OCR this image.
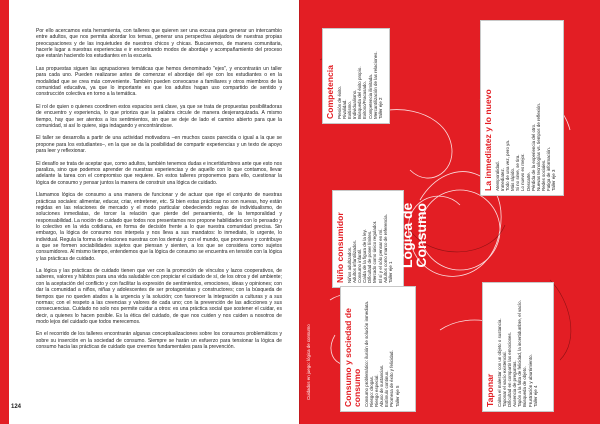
Por ello acercamos esta herramienta, con talleres que quieren ser una excusa para generar un intercambio entre adultos, que nos permita abordar los temas, generar una perspectiva alejadora de nuestras propias preocupaciones y de las inquietudes de nuestros chicos y chicas. Buscaremos, de manera comunitaria, hacerle lugar a nuestras experiencias e ir encontrando modos de abordaje y acompañamiento del proceso que estarán haciendo los estudiantes en la escuela.

Las propuestas siguen las agrupaciones temáticas que hemos denominado "ejes", y encontrarán un taller para cada uno. Pueden realizarse antes de comenzar el abordaje del eje con los estudiantes o en la modalidad que se crea más conveniente. También pueden convocarse a familiares y otros miembros de la comunidad educativa, ya que lo importante es que los adultos hagan uso compartido de sentido y construcción colectiva en torno a la temática.

El rol de quien o quienes coordinen estos espacios será clave, ya que se trata de propuestas posibilitadoras de encuentro y experiencia, lo que prioriza que la palabra circule de manera desjerarquizada. A mismo tiempo, hay que ser atentos a los sentimientos, sin que se deje de lado el camino abierto para que la comunidad, si así lo quiere, siga indagando y encontrándose.

El taller se desarrolla a partir de una actividad motivadora –en muchos casos parecida o igual a la que se propone para los estudiantes–, en la que se da la posibilidad de compartir experiencias y un texto de apoyo para leer y reflexionar.

El desafío se trata de aceptar que, como adultos, también tenemos dudas e incertidumbres ante que esto nos paraliza, sino que podemos aprender de nuestras experiencias y de aquello con lo que contamos, llevar adelante la tarea con el compromiso que requiere. En estos talleres proponemos para ello, cuestionar la lógica de consumo y pensar juntos la manera de construir una lógica de cuidado.

Llamamos lógica de consumo a una manera de funcionar y de actuar que rige el conjunto de nuestras prácticas sociales: alimentar, educar, criar, entretener, etc. Si bien estas prácticas no son nuevas, hoy están regidas en las relaciones de mercado y el modo particular obedeciendo reglas de individualismo, de soluciones inmediatas, de torcer la relación que pierde del pensamiento, de la temporalidad y responsabilidad. La noción de cuidado que todos nos presentamos nos propone habilidades con lo pensado y lo colectivo en la vida cotidiana, en forma de decisión frente a lo que nuestra comunidad precisa. Sin embargo, la lógica de consumo nos interpela y nos lleva a sus mandatos: lo inmediato, lo urgente, lo individual. Regula la forma de relaciones nuestras con los demás y con el mundo, que promueve y contribuye a que se formen sociabilidades sujetos que piensan y sienten, a los que se considera como sujetos consumidores. Al mismo tiempo, entendemos que la lógica de consumo se encuentra en tensión con la lógica y las prácticas de cuidado.

La lógica y las prácticas de cuidado tienen que ver con la promoción de vínculos y lazos cooperativos, de saberes, valores y hábitos para una vida saludable con propiciar el cuidado de sí, de los otros y del ambiente; con la aceptación del conflicto y con facilitar la expresión de sentimientos, emociones, ideas y opiniones; con dar la comunidad a niños, niñas y adolescentes de ser protagonistas y constructores; con la búsqueda de tiempos que no queden atados a la urgencia y la solución; con favorecer la integración a culturas y a sus normas; con el respeto a las creencias y valores de cada uno; con la prevención de las adicciones y sus consecuencias. Cuidado no solo nos permite cuidar a otros: es una práctica social que sostener el cuidar, es decir, a quienes lo hacen posible. Es la ética del cuidado, de que nos cuiden y nos cuiden a nosotros de modo lejos del cuidado que todos merecemos.

En el recorrido de los talleres encontrarán algunas conceptualizaciones sobre los consumos problemáticos y sobre su inserción en la sociedad de consumo. Siempre se harán un esfuerzo para tensionar la lógica de consumo hacia las prácticas de cuidado que creemos fundamentales para la prevención.

124
Cuidados en juego: lógica de consumo
Competencia Presión de éxito. Rivalidad. Exitismo. Individualismo. Búsqueda del éxito propio. Exitoso/Fracasado. Competencia ilimitada. Mercantilización de las relaciones. Taller eje 2	La inmediatez y lo nuevo Atemporalidad. Inmediatez. Todo de una vez, pero ya. Más rápido. Si no sirve, se tira. Lo nuevo es mejor. Descarte. Pérdida de la experiencia del otro. Nuevas tecnologías vs. tiempos de reflexión. Redes sociales. Fatiga de información. Taller eje 3

Niño consumidor Niños adultizados. Adultos infantilizados. Consumo infantil. Caída de la figura de la ley. Dificultad de poner límites. Mercado como único regulador. El sí y el sólo pensar en mí. Adultos como marco de referencia. Taller eje 1

Consumo y sociedad de consumo Consumo problemático: ilusión de solución inmediata. Riesgo: drogas. Riesgo especial. Abuso de sustancias. Estímulo continuo. Promesa de éxito y felicidad. Taller eje 5	Taponar Calma el malestar con un objeto o sustancia. Taponar el vacío existencial. Dificultad en compartir las emociones. Ausencia de preguntas. Tapón a la falta de felicidad, la incertidumbre, el vacío. Búsqueda de objeto. Frustración y aburrimiento. Taller eje 4

Lógica de
Consumo
